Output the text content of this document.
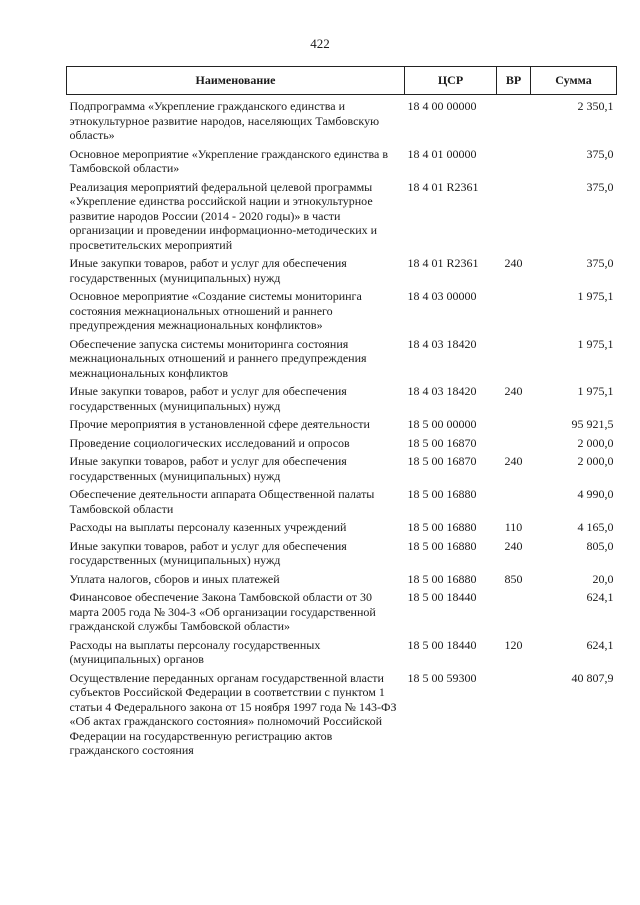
422
Наименование	ЦСР	ВР	Сумма
Подпрограмма «Укрепление гражданского единства и этнокультурное развитие народов, населяющих Тамбовскую область»	18 4 00 00000		2 350,1
Основное мероприятие «Укрепление гражданского единства в Тамбовской области»	18 4 01 00000		375,0
Реализация мероприятий федеральной целевой программы «Укрепление единства российской нации и этнокультурное развитие народов России (2014 - 2020 годы)» в части организации и проведении информационно-методических и просветительских мероприятий	18 4 01 R2361		375,0
Иные закупки товаров, работ и услуг для обеспечения государственных (муниципальных) нужд	18 4 01 R2361	240	375,0
Основное мероприятие «Создание системы мониторинга состояния межнациональных отношений и раннего предупреждения межнациональных конфликтов»	18 4 03 00000		1 975,1
Обеспечение запуска системы мониторинга состояния межнациональных отношений и раннего предупреждения межнациональных конфликтов	18 4 03 18420		1 975,1
Иные закупки товаров, работ и услуг для обеспечения государственных (муниципальных) нужд	18 4 03 18420	240	1 975,1
Прочие мероприятия в установленной сфере деятельности	18 5 00 00000		95 921,5
Проведение социологических исследований и опросов	18 5 00 16870		2 000,0
Иные закупки товаров, работ и услуг для обеспечения государственных (муниципальных) нужд	18 5 00 16870	240	2 000,0
Обеспечение деятельности аппарата Общественной палаты Тамбовской области	18 5 00 16880		4 990,0
Расходы на выплаты персоналу казенных учреждений	18 5 00 16880	110	4 165,0
Иные закупки товаров, работ и услуг для обеспечения государственных (муниципальных) нужд	18 5 00 16880	240	805,0
Уплата налогов, сборов и иных платежей	18 5 00 16880	850	20,0
Финансовое обеспечение Закона Тамбовской области от 30 марта 2005 года № 304-З «Об организации государственной гражданской службы Тамбовской области»	18 5 00 18440		624,1
Расходы на выплаты персоналу государственных (муниципальных) органов	18 5 00 18440	120	624,1
Осуществление переданных органам государственной власти субъектов Российской Федерации в соответствии с пунктом 1 статьи 4 Федерального закона от 15 ноября 1997 года № 143-ФЗ «Об актах гражданского состояния» полномочий Российской Федерации на государственную регистрацию актов гражданского состояния	18 5 00 59300		40 807,9
